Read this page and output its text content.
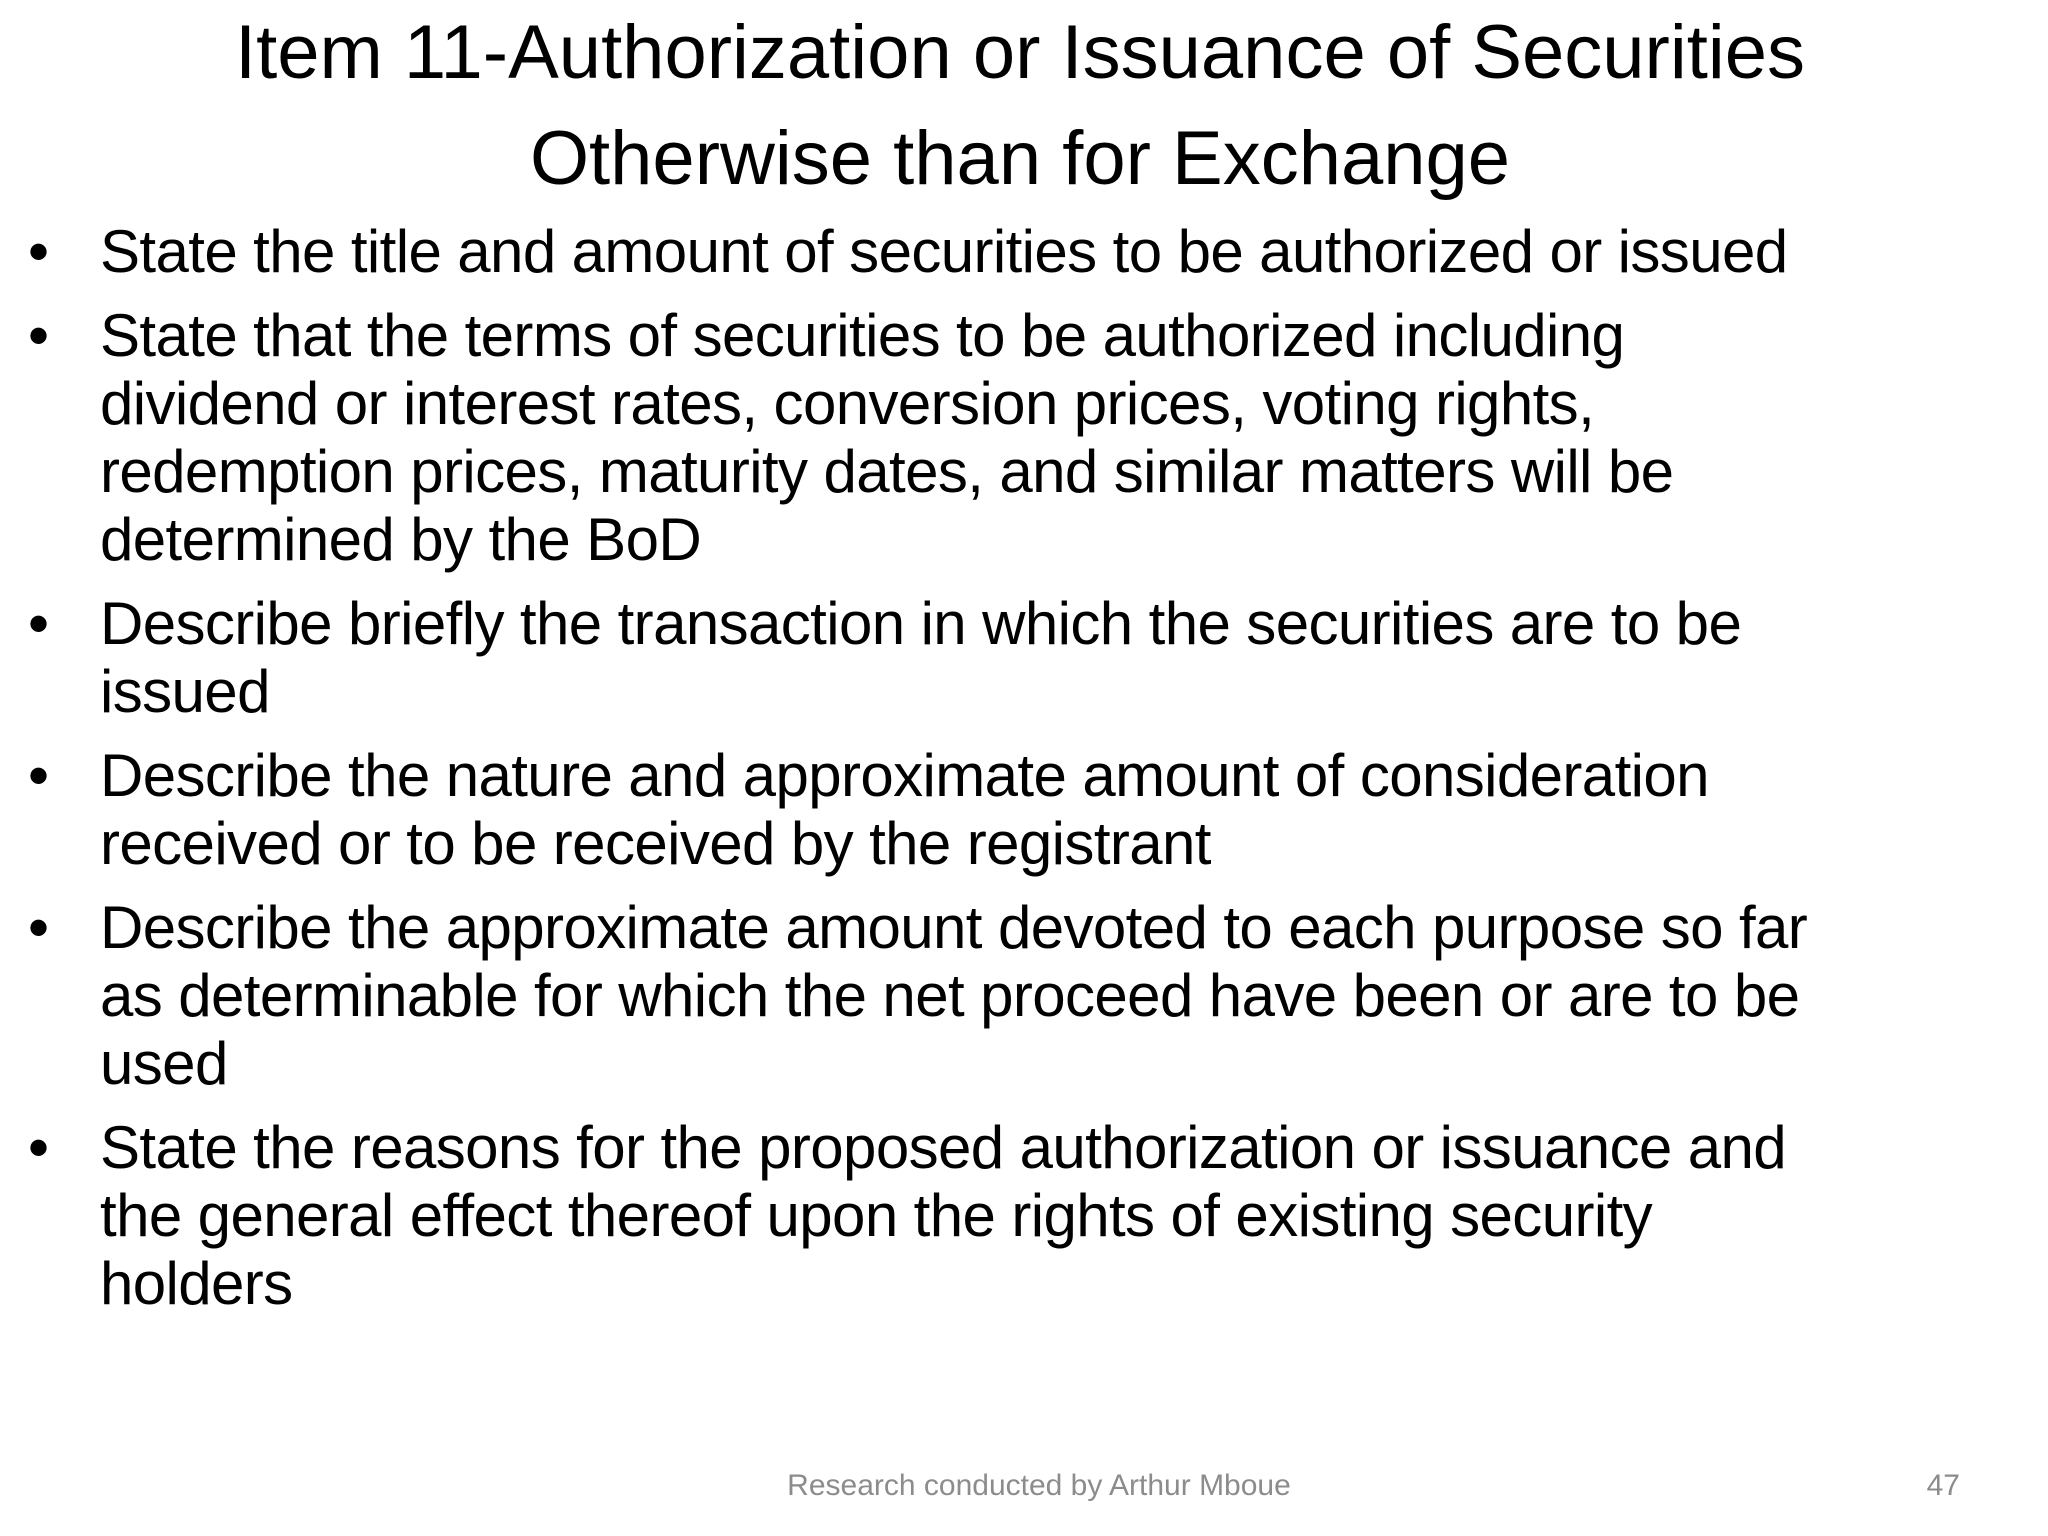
Item 11-Authorization or Issuance of Securities
Otherwise than for Exchange
• State the title and amount of securities to be authorized or issued
• State that the terms of securities to be authorized including
dividend or interest rates, conversion prices, voting rights,
redemption prices, maturity dates, and similar matters will be
determined by the BoD
• Describe briefly the transaction in which the securities are to be
issued
• Describe the nature and approximate amount of consideration
received or to be received by the registrant
• Describe the approximate amount devoted to each purpose so far
as determinable for which the net proceed have been or are to be
used
• State the reasons for the proposed authorization or issuance and
the general effect thereof upon the rights of existing security
holders
Research conducted by Arthur Mboue	47
